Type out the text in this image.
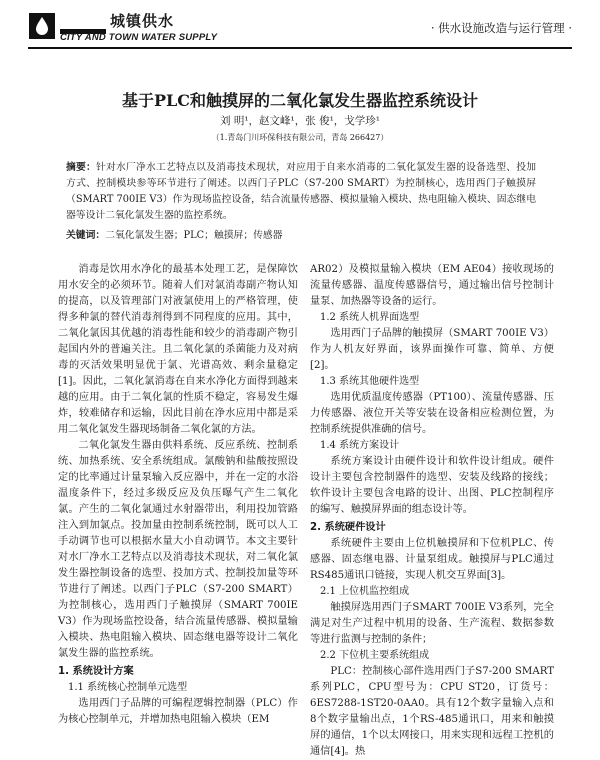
城镇供水
CITY AND TOWN WATER SUPPLY
· 供水设施改造与运行管理 ·
基于PLC和触摸屏的二氧化氯发生器监控系统设计
刘 明¹，赵文峰¹，张 俊¹，戈学珍¹
（1.青岛门川环保科技有限公司，青岛 266427）
摘要：针对水厂净水工艺特点以及消毒技术现状，对应用于自来水消毒的二氧化氯发生器的设备选型、投加方式、控制模块参等环节进行了阐述。以西门子PLC（S7-200 SMART）为控制核心，选用西门子触摸屏（SMART 700IE V3）作为现场监控设备，结合流量传感器、模拟量输入模块、热电阻输入模块、固态继电器等设计二氧化氯发生器的监控系统。
关键词：二氧化氯发生器；PLC；触摸屏；传感器

消毒是饮用水净化的最基本处理工艺，是保障饮用水安全的必须环节。随着人们对氯消毒副产物认知的提高，以及管理部门对液氯使用上的严格管理，使得多种氯的替代消毒剂得到不同程度的应用。其中，二氧化氯因其优越的消毒性能和较少的消毒副产物引起国内外的普遍关注。且二氧化氯的杀菌能力及对病毒的灭活效果明显优于氯、光谱高效、剩余量稳定[1]。因此，二氧化氯消毒在自来水净化方面得到越来越的应用。由于二氧化氯的性质不稳定，容易发生爆炸，较难储存和运输，因此目前在净水应用中都是采用二氧化氯发生器现场制备二氧化氯的方法。

二氧化氯发生器由供料系统、反应系统、控制系统、加热系统、安全系统组成。氯酸钠和盐酸按照设定的比率通过计量泵输入反应器中，并在一定的水浴温度条件下，经过多级反应及负压曝气产生二氧化氯。产生的二氧化氯通过水射器带出，利用投加管路注入到加氯点。投加量由控制系统控制，既可以人工手动调节也可以根据水量大小自动调节。本文主要针对水厂净水工艺特点以及消毒技术现状，对二氧化氯发生器控制设备的选型、投加方式、控制投加量等环节进行了阐述。以西门子PLC（S7-200 SMART）为控制核心，选用西门子触摸屏（SMART 700IE V3）作为现场监控设备，结合流量传感器、模拟量输入模块、热电阻输入模块、固态继电器等设计二氧化氯发生器的监控系统。

1. 系统设计方案
1.1 系统核心控制单元选型

选用西门子品牌的可编程逻辑控制器（PLC）作为核心控制单元，并增加热电阻输入模块（EM

AR02）及模拟量输入模块（EM AE04）接收现场的流量传感器、温度传感器信号，通过输出信号控制计量泵、加热器等设备的运行。

1.2 系统人机界面选型

选用西门子品牌的触摸屏（SMART 700IE V3）作为人机友好界面，该界面操作可靠、简单、方便[2]。

1.3 系统其他硬件选型

选用优质温度传感器（PT100）、流量传感器、压力传感器、液位开关等安装在设备相应检测位置，为控制系统提供准确的信号。

1.4 系统方案设计

系统方案设计由硬件设计和软件设计组成。硬件设计主要包含控制器件的选型、安装及线路的接线；软件设计主要包含电路的设计、出图、PLC控制程序的编写、触摸屏界面的组态设计等。

2. 系统硬件设计

系统硬件主要由上位机触摸屏和下位机PLC、传感器、固态继电器、计量泵组成。触摸屏与PLC通过RS485通讯口链接，实现人机交互界面[3]。

2.1 上位机监控组成

触摸屏选用西门子SMART 700IE V3系列，完全满足对生产过程中机用的设备、生产流程、数据参数等进行监测与控制的条件；

2.2 下位机主要系统组成

PLC：控制核心部件选用西门子S7-200 SMART系列PLC，CPU型号为：CPU ST20，订货号：6ES7288-1ST20-0AA0。具有12个数字量输入点和8个数字量输出点，1个RS-485通讯口，用来和触摸屏的通信，1个以太网接口，用来实现和远程工控机的通信[4]。热
